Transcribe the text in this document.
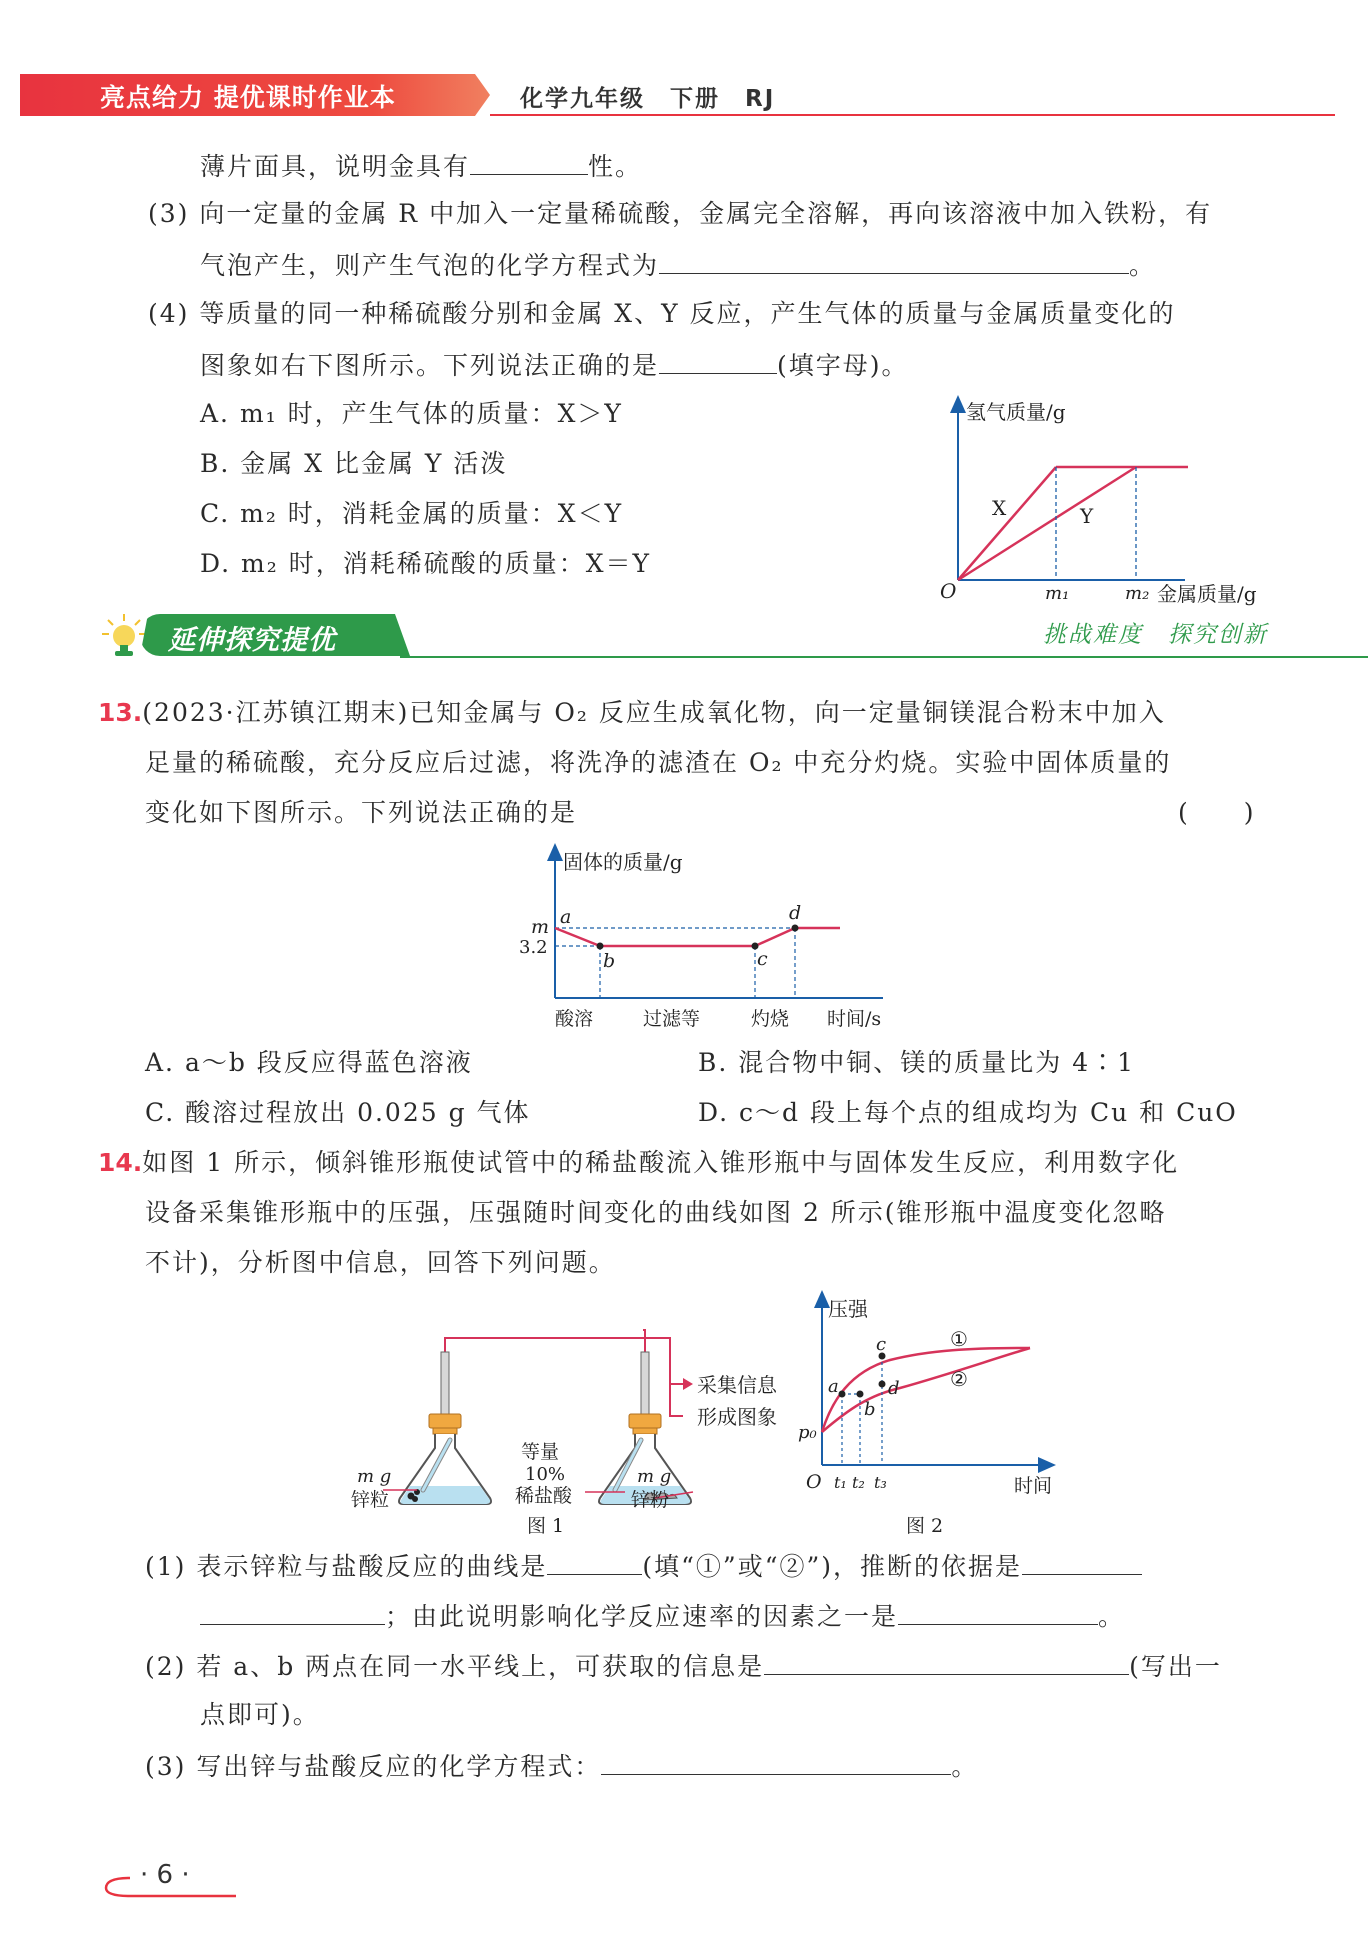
亮点给力 提优课时作业本	化学九年级　下册　RJ
薄片面具，说明金具有	性。
(3) 向一定量的金属 R 中加入一定量稀硫酸，金属完全溶解，再向该溶液中加入铁粉，有
气泡产生，则产生气泡的化学方程式为	。
(4) 等质量的同一种稀硫酸分别和金属 X、Y 反应，产生气体的质量与金属质量变化的
图象如右下图所示。下列说法正确的是	(填字母)。
A. m₁ 时，产生气体的质量：X＞Y
B. 金属 X 比金属 Y 活泼
C. m₂ 时，消耗金属的质量：X＜Y
D. m₂ 时，消耗稀硫酸的质量：X＝Y
氢气质量/g
O	m₁	m₂ 金属质量/g
X	Y
延伸探究提优	挑战难度　探究创新
13.(2023·江苏镇江期末)已知金属与 O₂ 反应生成氧化物，向一定量铜镁混合粉末中加入
足量的稀硫酸，充分反应后过滤，将洗净的滤渣在 O₂ 中充分灼烧。实验中固体质量的
变化如下图所示。下列说法正确的是	(　　)
固体的质量/g
m
3.2
a
b	c
d
酸溶	过滤等	灼烧 时间/s
A. a～b 段反应得蓝色溶液	B. 混合物中铜、镁的质量比为 4∶1
C. 酸溶过程放出 0.025 g 气体	D. c～d 段上每个点的组成均为 Cu 和 CuO
14.如图 1 所示，倾斜锥形瓶使试管中的稀盐酸流入锥形瓶中与固体发生反应，利用数字化
设备采集锥形瓶中的压强，压强随时间变化的曲线如图 2 所示(锥形瓶中温度变化忽略
不计)，分析图中信息，回答下列问题。
采集信息
形成图象
等量
10%
稀盐酸
m g
锌粒
m g
锌粉
图 1
压强
p₀
O t₁ t₂ t₃	时间
a
b
c
d
①
②
图 2
(1) 表示锌粒与盐酸反应的曲线是	(填“①”或“②”)，推断的依据是
；由此说明影响化学反应速率的因素之一是	。
(2) 若 a、b 两点在同一水平线上，可获取的信息是	(写出一
点即可)。
(3) 写出锌与盐酸反应的化学方程式：	。
· 6 ·
